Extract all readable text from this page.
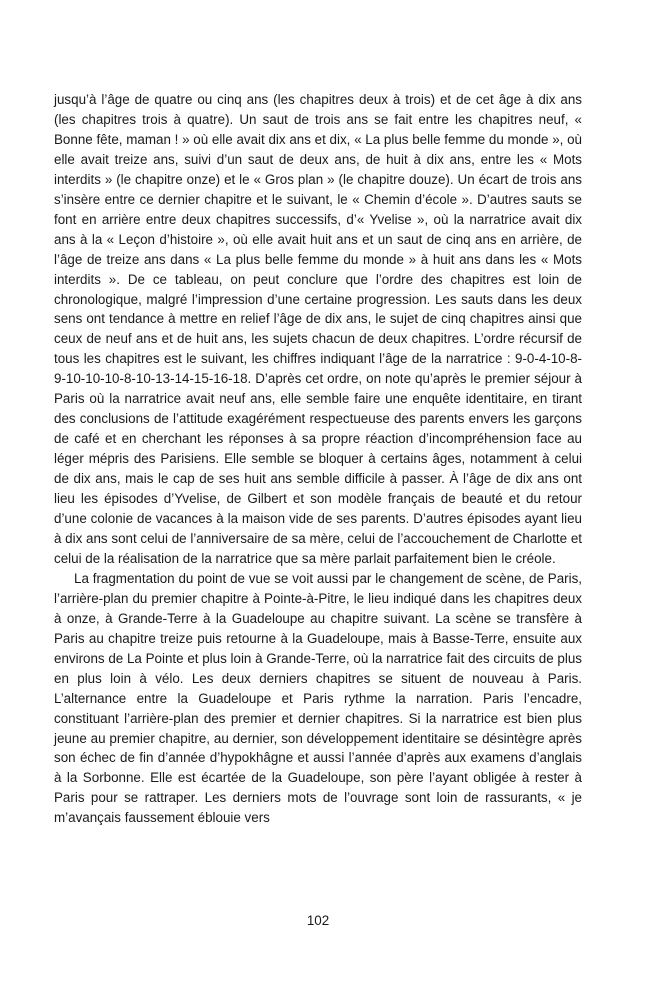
jusqu’à l’âge de quatre ou cinq ans (les chapitres deux à trois) et de cet âge à dix ans (les chapitres trois à quatre). Un saut de trois ans se fait entre les chapitres neuf, « Bonne fête, maman ! » où elle avait dix ans et dix, « La plus belle femme du monde », où elle avait treize ans, suivi d’un saut de deux ans, de huit à dix ans, entre les « Mots interdits » (le chapitre onze) et le « Gros plan » (le chapitre douze). Un écart de trois ans s’insère entre ce dernier chapitre et le suivant, le « Chemin d’école ». D’autres sauts se font en arrière entre deux chapitres successifs, d’« Yvelise », où la narratrice avait dix ans à la « Leçon d’histoire », où elle avait huit ans et un saut de cinq ans en arrière, de l’âge de treize ans dans « La plus belle femme du monde » à huit ans dans les « Mots interdits ». De ce tableau, on peut conclure que l’ordre des chapitres est loin de chronologique, malgré l’impression d’une certaine progression. Les sauts dans les deux sens ont tendance à mettre en relief l’âge de dix ans, le sujet de cinq chapitres ainsi que ceux de neuf ans et de huit ans, les sujets chacun de deux chapitres. L’ordre récursif de tous les chapitres est le suivant, les chiffres indiquant l’âge de la narratrice : 9-0-4-10-8-9-10-10-10-8-10-13-14-15-16-18. D’après cet ordre, on note qu’après le premier séjour à Paris où la narratrice avait neuf ans, elle semble faire une enquête identitaire, en tirant des conclusions de l’attitude exagérément respectueuse des parents envers les garçons de café et en cherchant les réponses à sa propre réaction d’incompréhension face au léger mépris des Parisiens. Elle semble se bloquer à certains âges, notamment à celui de dix ans, mais le cap de ses huit ans semble difficile à passer. À l’âge de dix ans ont lieu les épisodes d’Yvelise, de Gilbert et son modèle français de beauté et du retour d’une colonie de vacances à la maison vide de ses parents. D’autres épisodes ayant lieu à dix ans sont celui de l’anniversaire de sa mère, celui de l’accouchement de Charlotte et celui de la réalisation de la narratrice que sa mère parlait parfaitement bien le créole.

La fragmentation du point de vue se voit aussi par le changement de scène, de Paris, l’arrière-plan du premier chapitre à Pointe-à-Pitre, le lieu indiqué dans les chapitres deux à onze, à Grande-Terre à la Guadeloupe au chapitre suivant. La scène se transfère à Paris au chapitre treize puis retourne à la Guadeloupe, mais à Basse-Terre, ensuite aux environs de La Pointe et plus loin à Grande-Terre, où la narratrice fait des circuits de plus en plus loin à vélo. Les deux derniers chapitres se situent de nouveau à Paris. L’alternance entre la Guadeloupe et Paris rythme la narration. Paris l’encadre, constituant l’arrière-plan des premier et dernier chapitres. Si la narratrice est bien plus jeune au premier chapitre, au dernier, son développement identitaire se désintègre après son échec de fin d’année d’hypokhâgne et aussi l’année d’après aux examens d’anglais à la Sorbonne. Elle est écartée de la Guadeloupe, son père l’ayant obligée à rester à Paris pour se rattraper. Les derniers mots de l’ouvrage sont loin de rassurants, « je m’avançais faussement éblouie vers

102
